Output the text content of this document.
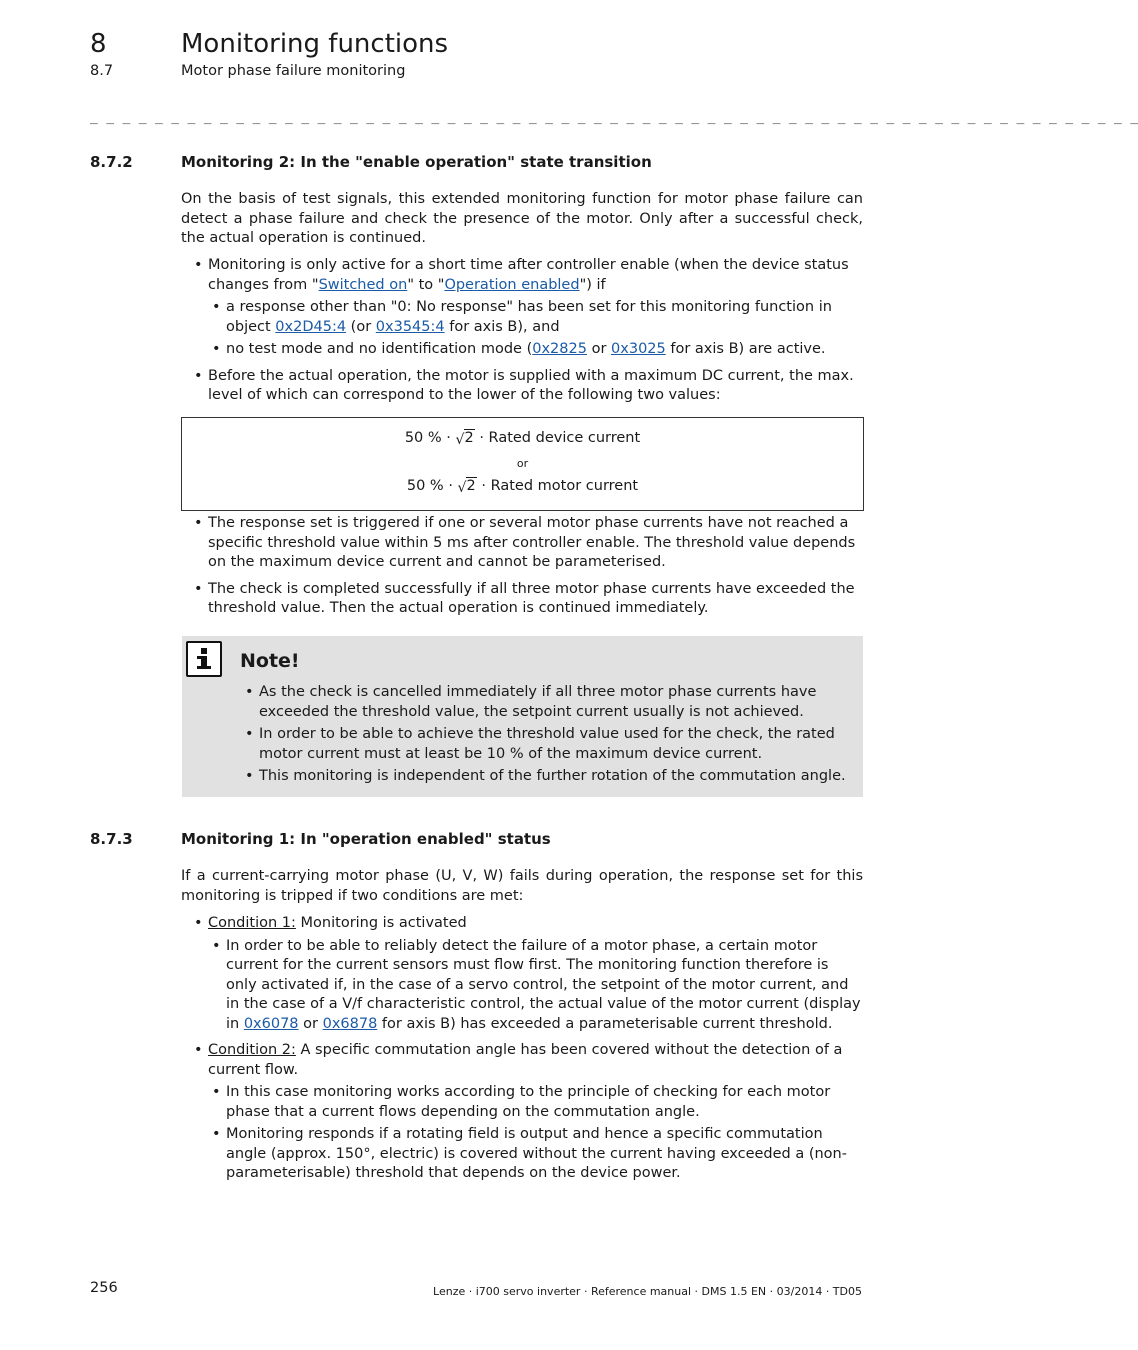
8	Monitoring functions
8.7	Motor phase failure monitoring
_ _ _ _ _ _ _ _ _ _ _ _ _ _ _ _ _ _ _ _ _ _ _ _ _ _ _ _ _ _ _ _ _ _ _ _ _ _ _ _ _ _ _ _ _ _ _ _ _ _ _ _ _ _ _ _ _ _ _ _ _ _ _ _ _
8.7.2	Monitoring 2: In the "enable operation" state transition
On the basis of test signals, this extended monitoring function for motor phase failure can detect a phase failure and check the presence of the motor. Only after a successful check, the actual operation is continued.
• Monitoring is only active for a short time after controller enable (when the device status changes from "Switched on" to "Operation enabled") if
• a response other than "0: No response" has been set for this monitoring function in object 0x2D45:4 (or 0x3545:4 for axis B), and
• no test mode and no identification mode (0x2825 or 0x3025 for axis B) are active.
• Before the actual operation, the motor is supplied with a maximum DC current, the max. level of which can correspond to the lower of the following two values:
50 % · √ 2 · Rated device current
or
50 % · √ 2 · Rated motor current
• The response set is triggered if one or several motor phase currents have not reached a specific threshold value within 5 ms after controller enable. The threshold value depends on the maximum device current and cannot be parameterised.
• The check is completed successfully if all three motor phase currents have exceeded the threshold value. Then the actual operation is continued immediately.
Note!
• As the check is cancelled immediately if all three motor phase currents have exceeded the threshold value, the setpoint current usually is not achieved.
• In order to be able to achieve the threshold value used for the check, the rated motor current must at least be 10 % of the maximum device current.
• This monitoring is independent of the further rotation of the commutation angle.
8.7.3	Monitoring 1: In "operation enabled" status
If a current-carrying motor phase (U, V, W) fails during operation, the response set for this monitoring is tripped if two conditions are met:
• Condition 1: Monitoring is activated
• In order to be able to reliably detect the failure of a motor phase, a certain motor current for the current sensors must flow first. The monitoring function therefore is only activated if, in the case of a servo control, the setpoint of the motor current, and in the case of a V/f characteristic control, the actual value of the motor current (display in 0x6078 or 0x6878 for axis B) has exceeded a parameterisable current threshold.
• Condition 2: A specific commutation angle has been covered without the detection of a current flow.
• In this case monitoring works according to the principle of checking for each motor phase that a current flows depending on the commutation angle.
• Monitoring responds if a rotating field is output and hence a specific commutation angle (approx. 150°, electric) is covered without the current having exceeded a (non-parameterisable) threshold that depends on the device power.
256	Lenze · i700 servo inverter · Reference manual · DMS 1.5 EN · 03/2014 · TD05
